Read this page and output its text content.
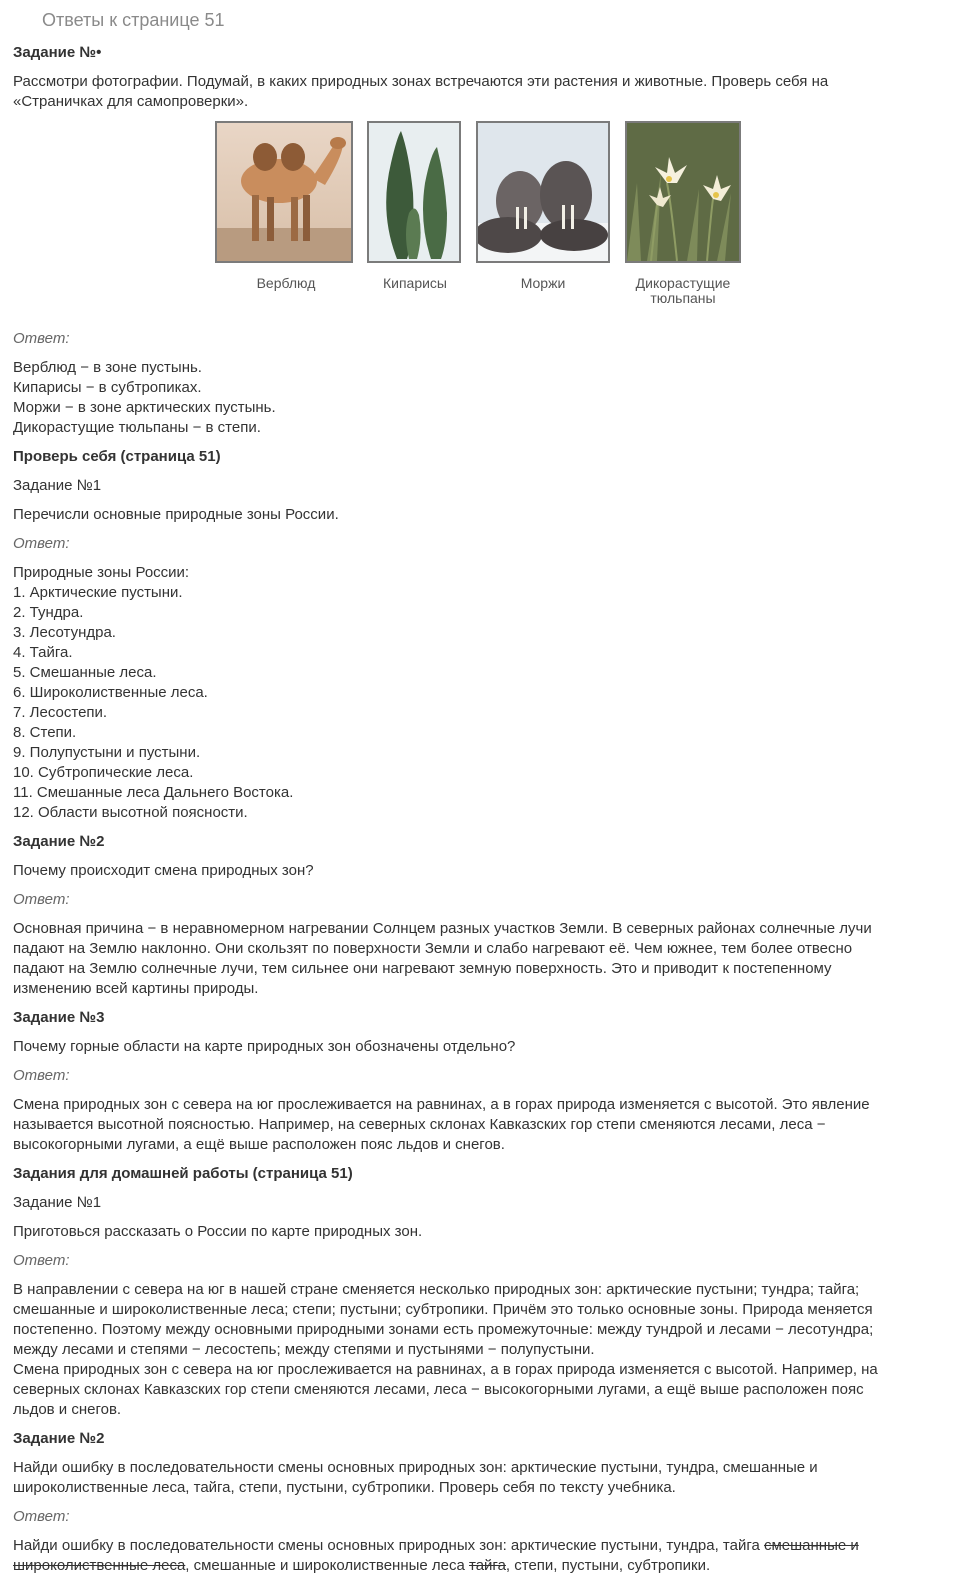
Ответы к странице 51
Задание №•
Рассмотри фотографии. Подумай, в каких природных зонах встречаются эти растения и животные. Проверь себя на «Страничках для самопроверки».
Верблюд	Кипарисы	Моржи	Дикорастущие тюльпаны
Ответ:
Верблюд − в зоне пустынь.
Кипарисы − в субтропиках.
Моржи − в зоне арктических пустынь.
Дикорастущие тюльпаны − в степи.
Проверь себя (страница 51)
Задание №1
Перечисли основные природные зоны России.
Ответ:
Природные зоны России:
1. Арктические пустыни.
2. Тундра.
3. Лесотундра.
4. Тайга.
5. Смешанные леса.
6. Широколиственные леса.
7. Лесостепи.
8. Степи.
9. Полупустыни и пустыни.
10. Субтропические леса.
11. Смешанные леса Дальнего Востока.
12. Области высотной поясности.
Задание №2
Почему происходит смена природных зон?
Ответ:
Основная причина − в неравномерном нагревании Солнцем разных участков Земли. В северных районах солнечные лучи
падают на Землю наклонно. Они скользят по поверхности Земли и слабо нагревают её. Чем южнее, тем более отвесно
падают на Землю солнечные лучи, тем сильнее они нагревают земную поверхность. Это и приводит к постепенному
изменению всей картины природы.
Задание №3
Почему горные области на карте природных зон обозначены отдельно?
Ответ:
Смена природных зон с севера на юг прослеживается на равнинах, а в горах природа изменяется с высотой. Это явление
называется высотной поясностью. Например, на северных склонах Кавказских гор степи сменяются лесами, леса −
высокогорными лугами, а ещё выше расположен пояс льдов и снегов.
Задания для домашней работы (страница 51)
Задание №1
Приготовься рассказать о России по карте природных зон.
Ответ:
В направлении с севера на юг в нашей стране сменяется несколько природных зон: арктические пустыни; тундра; тайга;
смешанные и широколиственные леса; степи; пустыни; субтропики. Причём это только основные зоны. Природа меняется
постепенно. Поэтому между основными природными зонами есть промежуточные: между тундрой и лесами − лесотундра;
между лесами и степями − лесостепь; между степями и пустынями − полупустыни.
Смена природных зон с севера на юг прослеживается на равнинах, а в горах природа изменяется с высотой. Например, на
северных склонах Кавказских гор степи сменяются лесами, леса − высокогорными лугами, а ещё выше расположен пояс
льдов и снегов.
Задание №2
Найди ошибку в последовательности смены основных природных зон: арктические пустыни, тундра, смешанные и
широколиственные леса, тайга, степи, пустыни, субтропики. Проверь себя по тексту учебника.
Ответ:
Найди ошибку в последовательности смены основных природных зон: арктические пустыни, тундра, тайга смешанные и
широколиственные леса, смешанные и широколиственные леса тайга, степи, пустыни, субтропики.
